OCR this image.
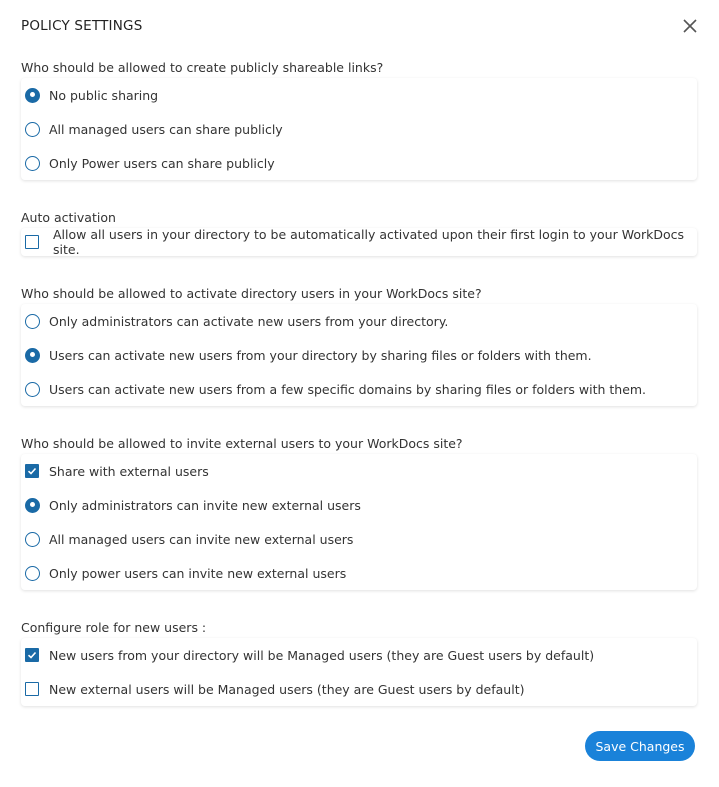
POLICY SETTINGS
Who should be allowed to create publicly shareable links?
No public sharing
All managed users can share publicly
Only Power users can share publicly
Auto activation
Allow all users in your directory to be automatically activated upon their first login to your WorkDocs site.
Who should be allowed to activate directory users in your WorkDocs site?
Only administrators can activate new users from your directory.
Users can activate new users from your directory by sharing files or folders with them.
Users can activate new users from a few specific domains by sharing files or folders with them.
Who should be allowed to invite external users to your WorkDocs site?
Share with external users
Only administrators can invite new external users
All managed users can invite new external users
Only power users can invite new external users
Configure role for new users :
New users from your directory will be Managed users (they are Guest users by default)
New external users will be Managed users (they are Guest users by default)
Save Changes
